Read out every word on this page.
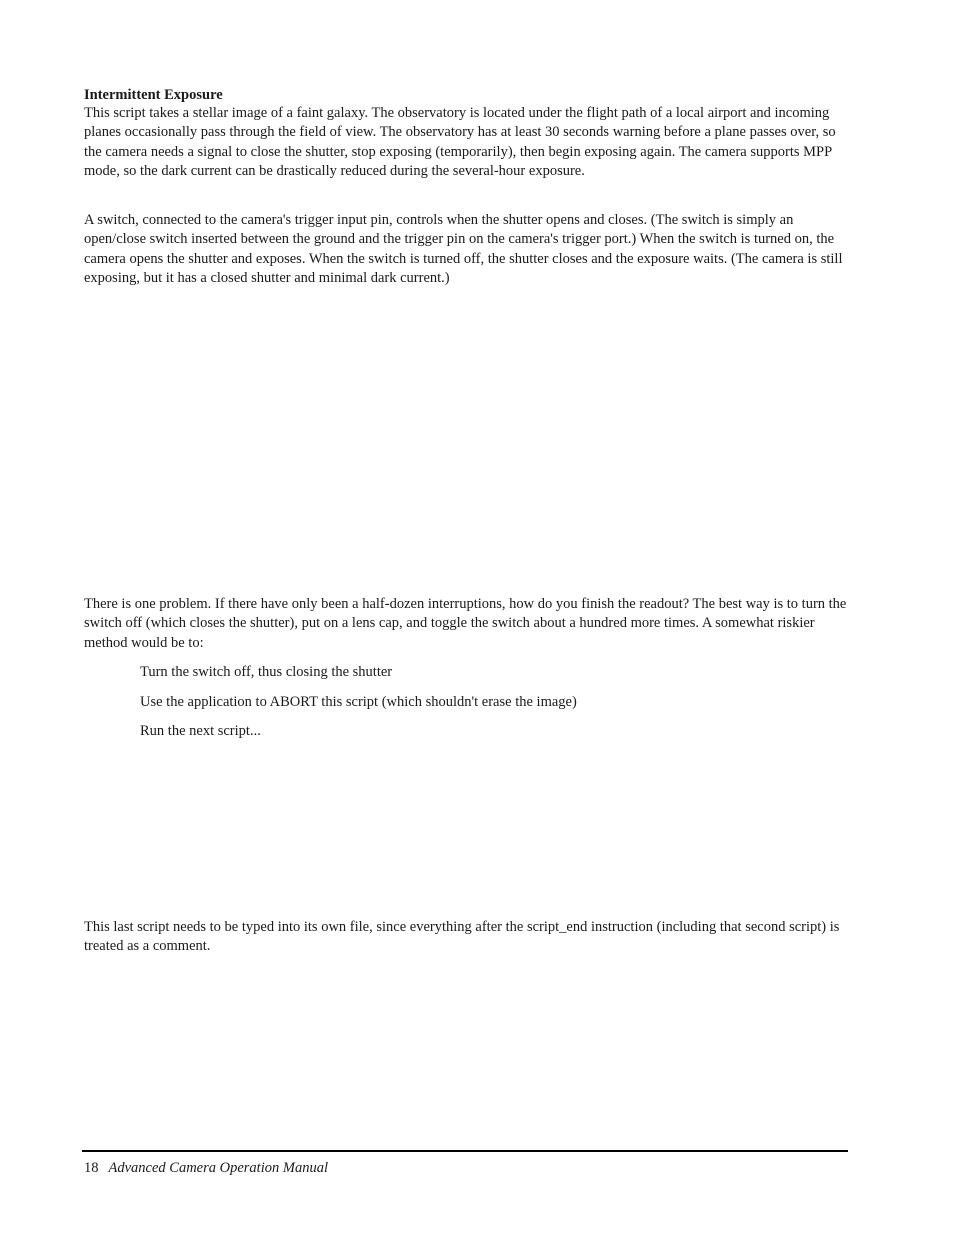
Intermittent Exposure

This script takes a stellar image of a faint galaxy. The observatory is located under the flight path of a local airport and incoming planes occasionally pass through the field of view. The observatory has at least 30 seconds warning before a plane passes over, so the camera needs a signal to close the shutter, stop exposing (temporarily), then begin exposing again. The camera supports MPP mode, so the dark current can be drastically reduced during the several-hour exposure.

A switch, connected to the camera's trigger input pin, controls when the shutter opens and closes. (The switch is simply an open/close switch inserted between the ground and the trigger pin on the camera's trigger port.) When the switch is turned on, the camera opens the shutter and exposes. When the switch is turned off, the shutter closes and the exposure waits. (The camera is still exposing, but it has a closed shutter and minimal dark current.)

There is one problem. If there have only been a half-dozen interruptions, how do you finish the readout? The best way is to turn the switch off (which closes the shutter), put on a lens cap, and toggle the switch about a hundred more times. A somewhat riskier method would be to:

Turn the switch off, thus closing the shutter
Use the application to ABORT this script (which shouldn't erase the image)
Run the next script...

This last script needs to be typed into its own file, since everything after the script_end instruction (including that second script) is treated as a comment.

18 Advanced Camera Operation Manual
